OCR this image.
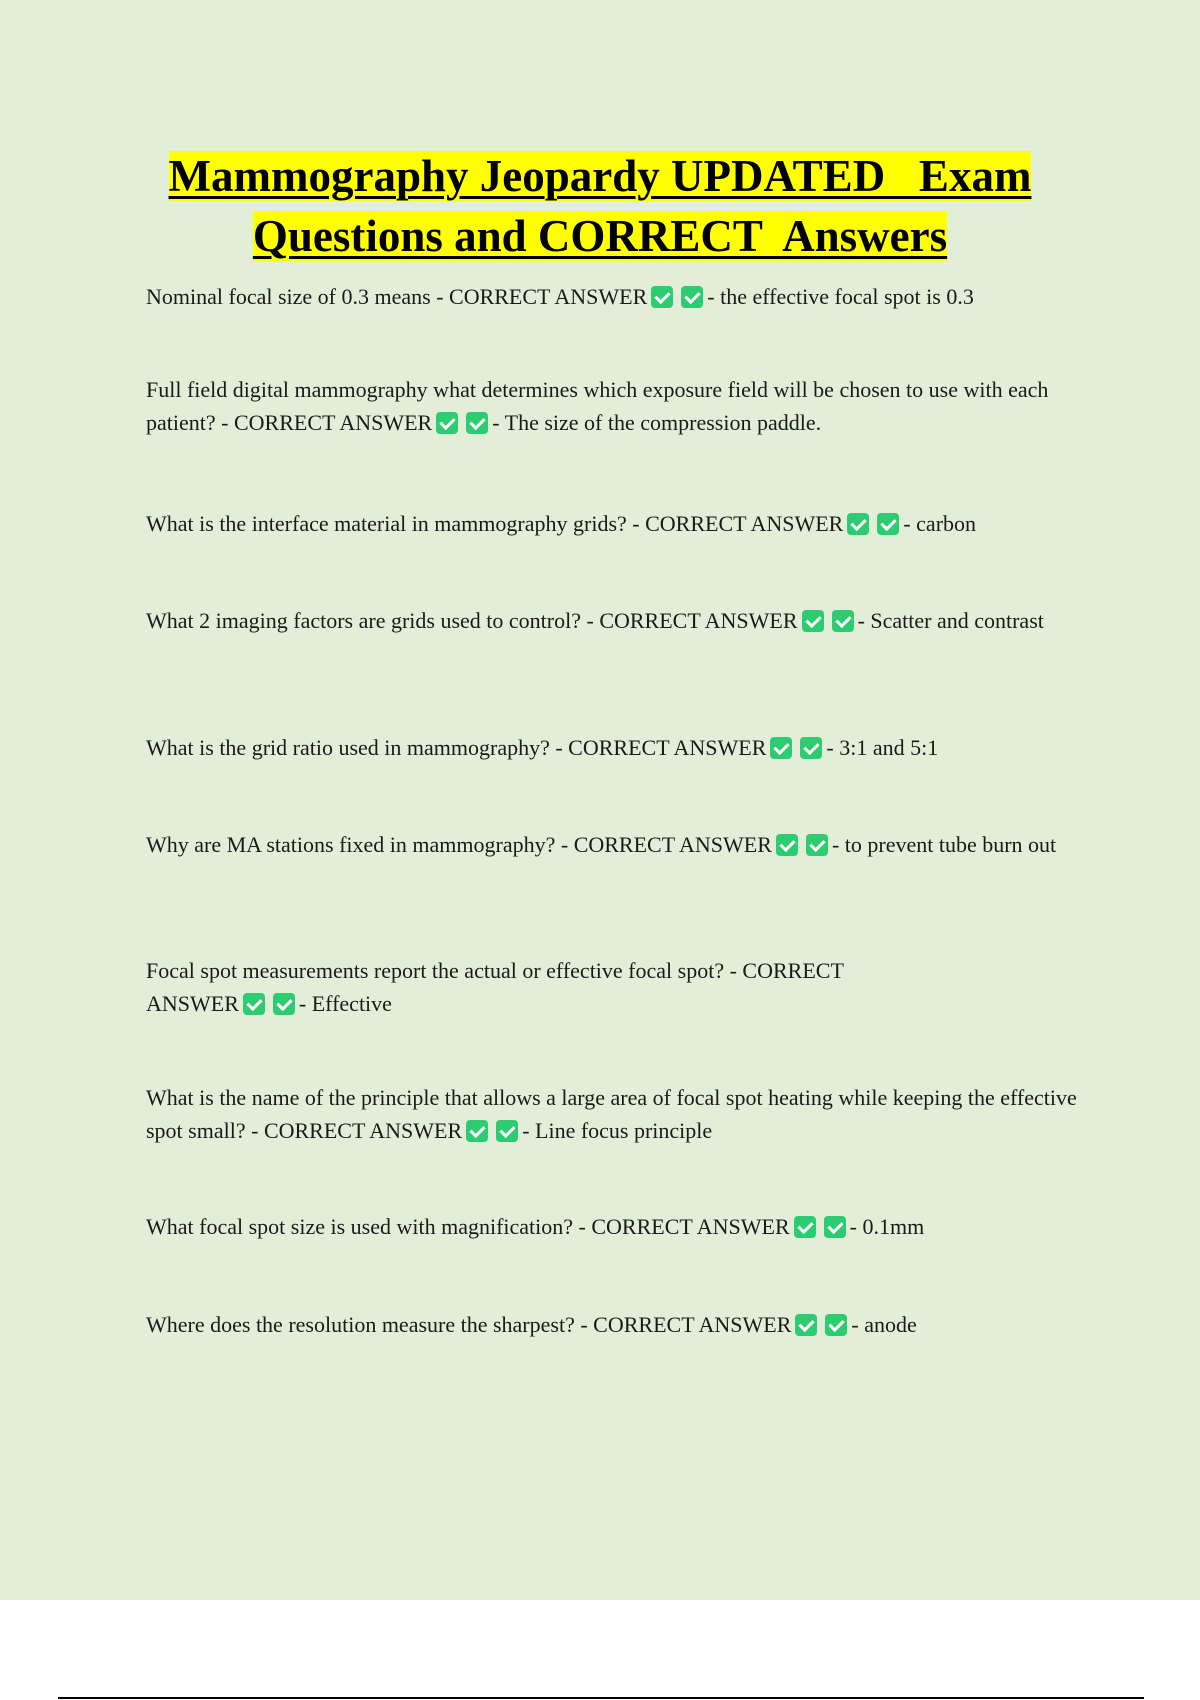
Mammography Jeopardy UPDATED   Exam
Questions and CORRECT  Answers

Nominal focal size of 0.3 means - CORRECT ANSWER	- the effective focal spot is 0.3

Full field digital mammography what determines which exposure field will be chosen to use with each patient? - CORRECT ANSWER	- The size of the compression paddle.

What is the interface material in mammography grids? - CORRECT ANSWER	- carbon

What 2 imaging factors are grids used to control? - CORRECT ANSWER	- Scatter and contrast

What is the grid ratio used in mammography? - CORRECT ANSWER	- 3:1 and 5:1

Why are MA stations fixed in mammography? - CORRECT ANSWER	- to prevent tube burn out

Focal spot measurements report the actual or effective focal spot? - CORRECT ANSWER	- Effective

What is the name of the principle that allows a large area of focal spot heating while keeping the effective spot small? - CORRECT ANSWER	- Line focus principle

What focal spot size is used with magnification? - CORRECT ANSWER	- 0.1mm

Where does the resolution measure the sharpest? - CORRECT ANSWER	- anode
